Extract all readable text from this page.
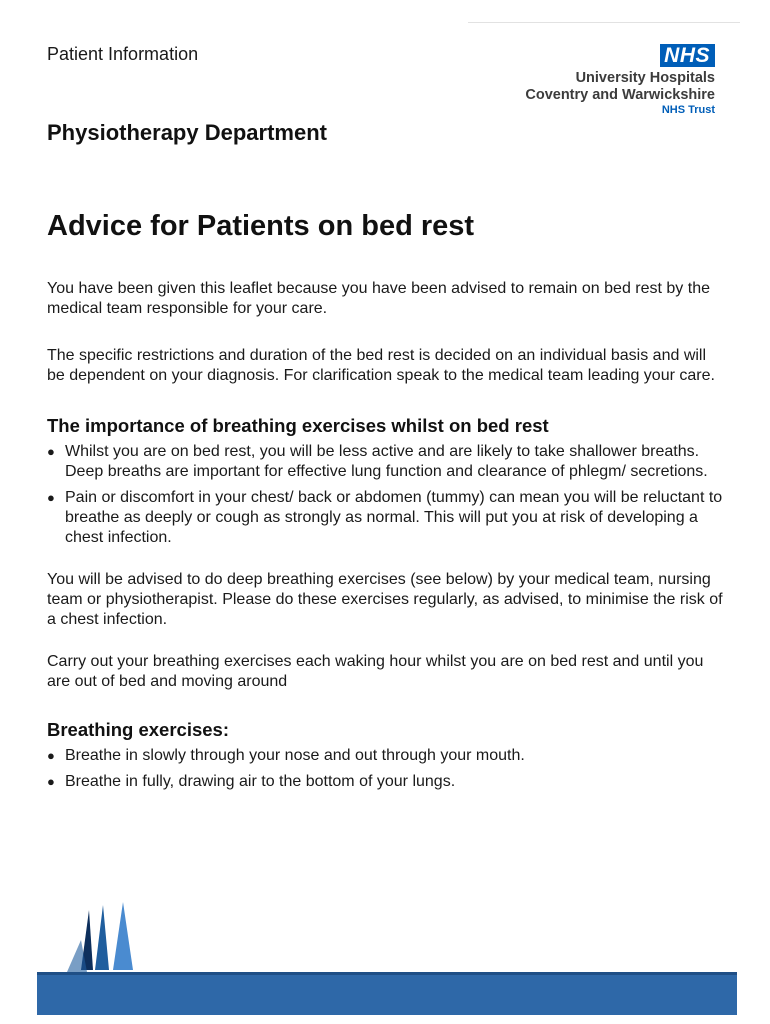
Patient Information	NHS
University Hospitals
Coventry and Warwickshire
NHS Trust
Physiotherapy Department
Advice for Patients on bed rest

You have been given this leaflet because you have been advised to remain on bed rest by the medical team responsible for your care.

The specific restrictions and duration of the bed rest is decided on an individual basis and will be dependent on your diagnosis. For clarification speak to the medical team leading your care.

The importance of breathing exercises whilst on bed rest
● Whilst you are on bed rest, you will be less active and are likely to take shallower breaths. Deep breaths are important for effective lung function and clearance of phlegm/ secretions.
● Pain or discomfort in your chest/ back or abdomen (tummy) can mean you will be reluctant to breathe as deeply or cough as strongly as normal. This will put you at risk of developing a chest infection.

You will be advised to do deep breathing exercises (see below) by your medical team, nursing team or physiotherapist. Please do these exercises regularly, as advised, to minimise the risk of a chest infection.

Carry out your breathing exercises each waking hour whilst you are on bed rest and until you are out of bed and moving around

Breathing exercises:
● Breathe in slowly through your nose and out through your mouth.
● Breathe in fully, drawing air to the bottom of your lungs.
